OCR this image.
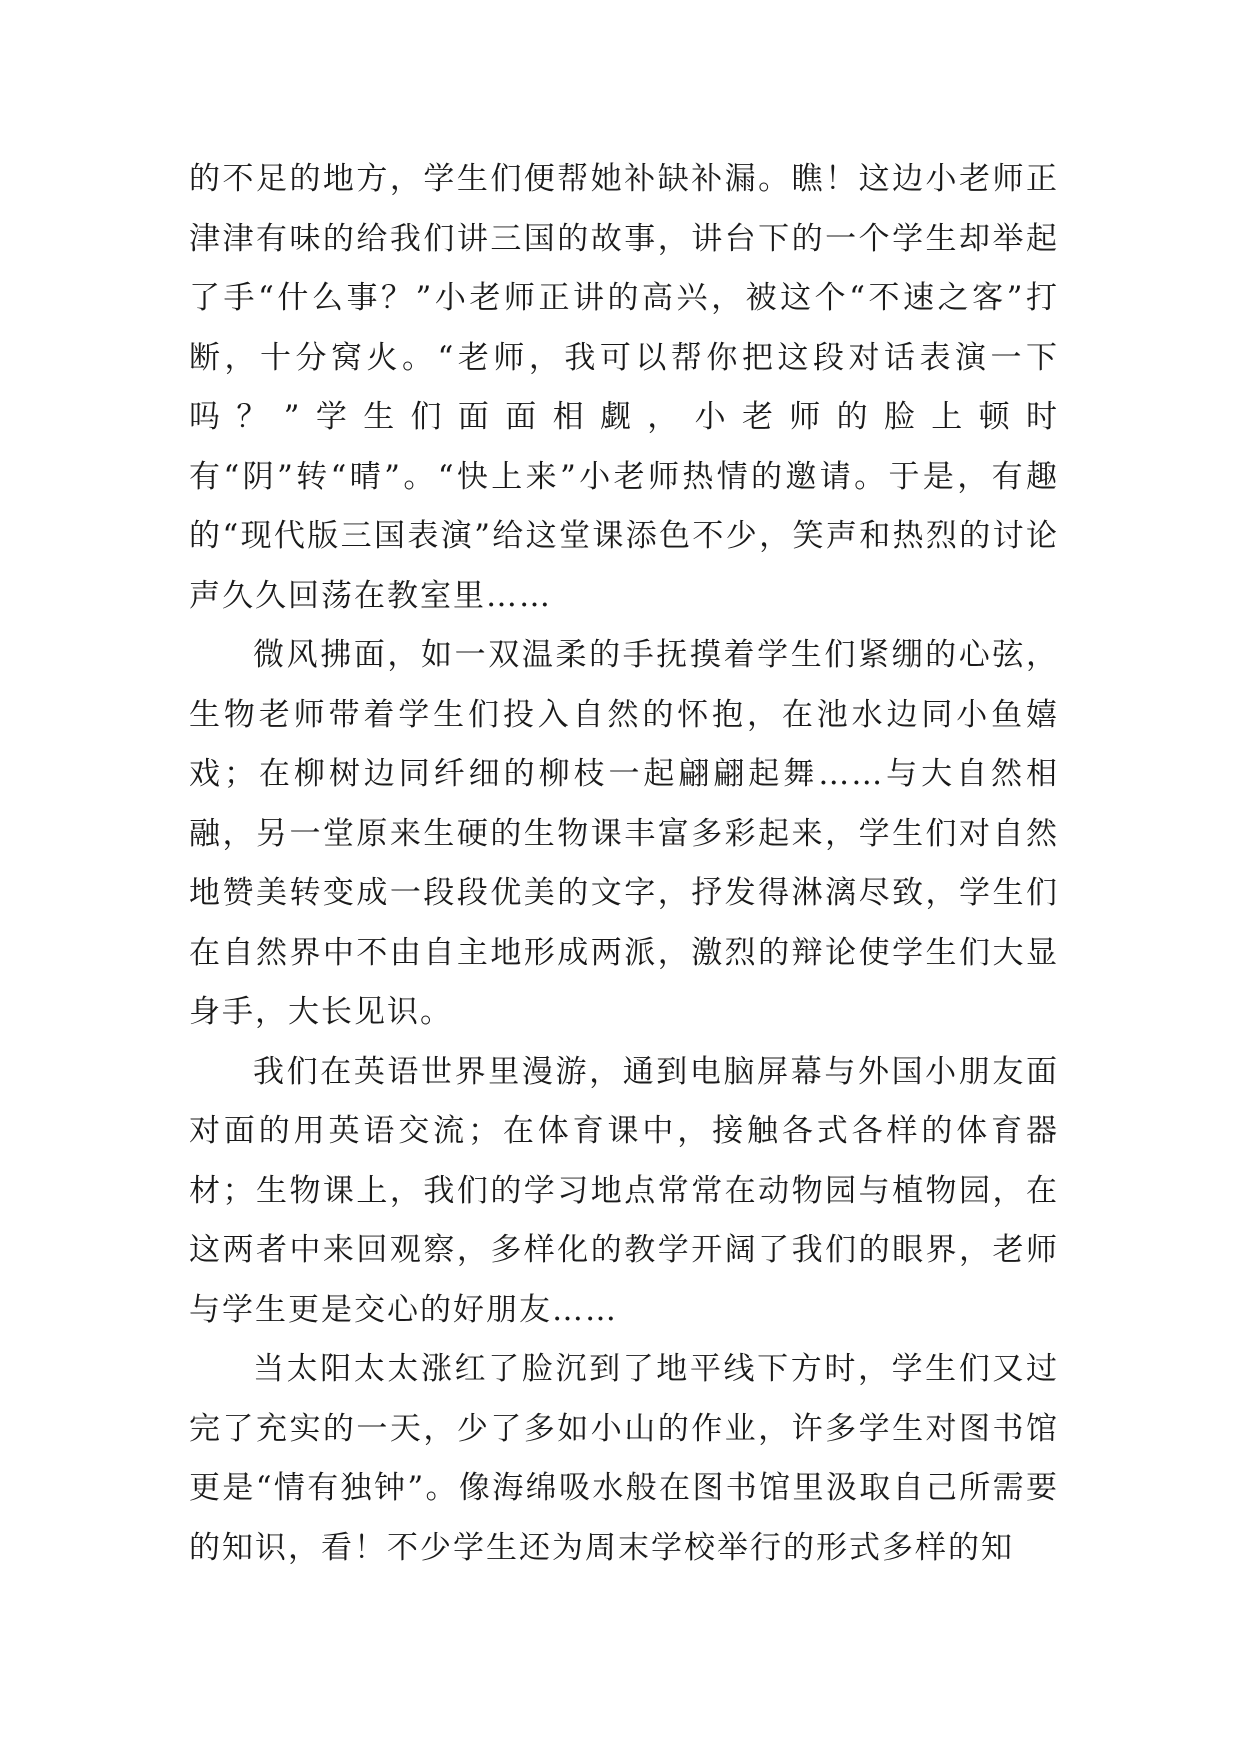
的不足的地方，学生们便帮她补缺补漏。瞧！这边小老师正津津有味的给我们讲三国的故事，讲台下的一个学生却举起了手“什么事？”小老师正讲的高兴，被这个“不速之客”打断，十分窝火。“老师，我可以帮你把这段对话表演一下吗？”学生们面面相觑，小老师的脸上顿时有“阴”转“晴”。“快上来”小老师热情的邀请。于是，有趣的“现代版三国表演”给这堂课添色不少，笑声和热烈的讨论声久久回荡在教室里……

微风拂面，如一双温柔的手抚摸着学生们紧绷的心弦，生物老师带着学生们投入自然的怀抱，在池水边同小鱼嬉戏；在柳树边同纤细的柳枝一起翩翩起舞……与大自然相融，另一堂原来生硬的生物课丰富多彩起来，学生们对自然地赞美转变成一段段优美的文字，抒发得淋漓尽致，学生们在自然界中不由自主地形成两派，激烈的辩论使学生们大显身手，大长见识。

我们在英语世界里漫游，通到电脑屏幕与外国小朋友面对面的用英语交流；在体育课中，接触各式各样的体育器材；生物课上，我们的学习地点常常在动物园与植物园，在这两者中来回观察，多样化的教学开阔了我们的眼界，老师与学生更是交心的好朋友……

当太阳太太涨红了脸沉到了地平线下方时，学生们又过完了充实的一天，少了多如小山的作业，许多学生对图书馆更是“情有独钟”。像海绵吸水般在图书馆里汲取自己所需要的知识，看！不少学生还为周末学校举行的形式多样的知
